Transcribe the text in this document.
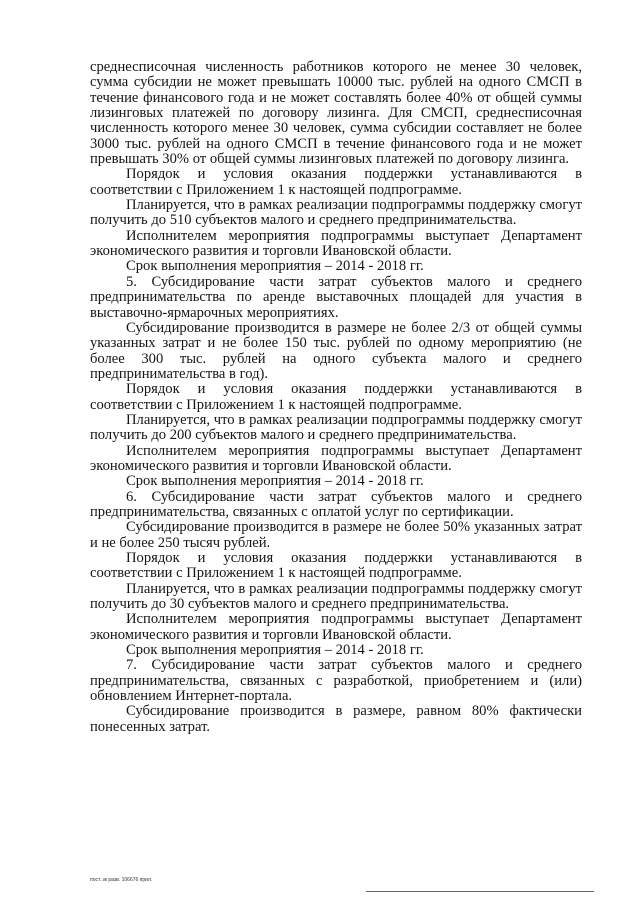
среднесписочная численность работников которого не менее 30 человек, сумма субсидии не может превышать 10000 тыс. рублей на одного СМСП в течение финансового года и не может составлять более 40% от общей суммы лизинговых платежей по договору лизинга. Для СМСП, среднесписочная численность которого менее 30 человек, сумма субсидии составляет не более 3000 тыс. рублей на одного СМСП в течение финансового года и не может превышать 30% от общей суммы лизинговых платежей по договору лизинга.

Порядок и условия оказания поддержки устанавливаются в соответствии с Приложением 1 к настоящей подпрограмме.

Планируется, что в рамках реализации подпрограммы поддержку смогут получить до 510 субъектов малого и среднего предпринимательства.

Исполнителем мероприятия подпрограммы выступает Департамент экономического развития и торговли Ивановской области.

Срок выполнения мероприятия – 2014 - 2018 гг.

5. Субсидирование части затрат субъектов малого и среднего предпринимательства по аренде выставочных площадей для участия в выставочно-ярмарочных мероприятиях.

Субсидирование производится в размере не более 2/3 от общей суммы указанных затрат и не более 150 тыс. рублей по одному мероприятию (не более 300 тыс. рублей на одного субъекта малого и среднего предпринимательства в год).

Порядок и условия оказания поддержки устанавливаются в соответствии с Приложением 1 к настоящей подпрограмме.

Планируется, что в рамках реализации подпрограммы поддержку смогут получить до 200 субъектов малого и среднего предпринимательства.

Исполнителем мероприятия подпрограммы выступает Департамент экономического развития и торговли Ивановской области.

Срок выполнения мероприятия – 2014 - 2018 гг.

6. Субсидирование части затрат субъектов малого и среднего предпринимательства, связанных с оплатой услуг по сертификации.

Субсидирование производится в размере не более 50% указанных затрат и не более 250 тысяч рублей.

Порядок и условия оказания поддержки устанавливаются в соответствии с Приложением 1 к настоящей подпрограмме.

Планируется, что в рамках реализации подпрограммы поддержку смогут получить до 30 субъектов малого и среднего предпринимательства.

Исполнителем мероприятия подпрограммы выступает Департамент экономического развития и торговли Ивановской области.

Срок выполнения мероприятия – 2014 - 2018 гг.

7. Субсидирование части затрат субъектов малого и среднего предпринимательства, связанных с разработкой, приобретением и (или) обновлением Интернет-портала.

Субсидирование производится в размере, равном 80% фактически понесенных затрат.

пост. зк разв. 106676 прил.
